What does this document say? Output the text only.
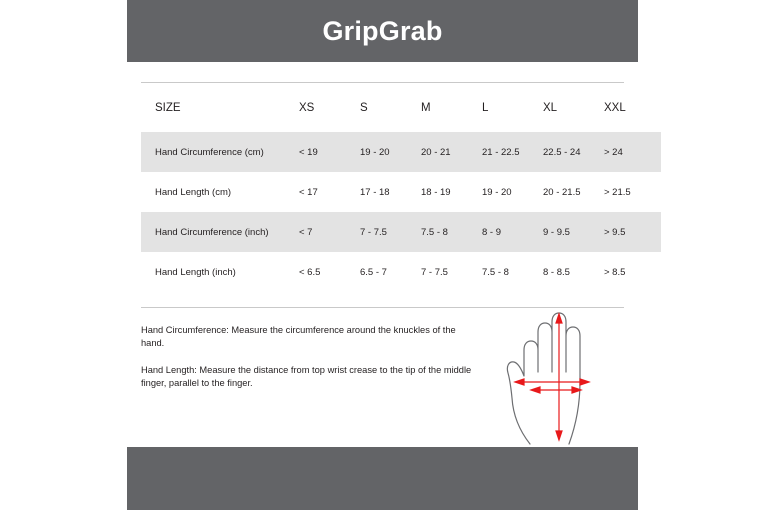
GripGrab
SIZE	XS	S	M	L	XL	XXL
Hand Circumference (cm)	< 19	19 - 20	20 - 21	21 - 22.5	22.5 - 24	> 24
Hand Length (cm)	< 17	17 - 18	18 - 19	19 - 20	20 - 21.5	> 21.5
Hand Circumference (inch)	< 7	7 - 7.5	7.5 - 8	8 - 9	9 - 9.5	> 9.5
Hand Length (inch)	< 6.5	6.5 - 7	7 - 7.5	7.5 - 8	8 - 8.5	> 8.5
Hand Circumference: Measure the circumference around the knuckles of the hand.
Hand Length: Measure the distance from top wrist crease to the tip of the middle finger, parallel to the finger.
